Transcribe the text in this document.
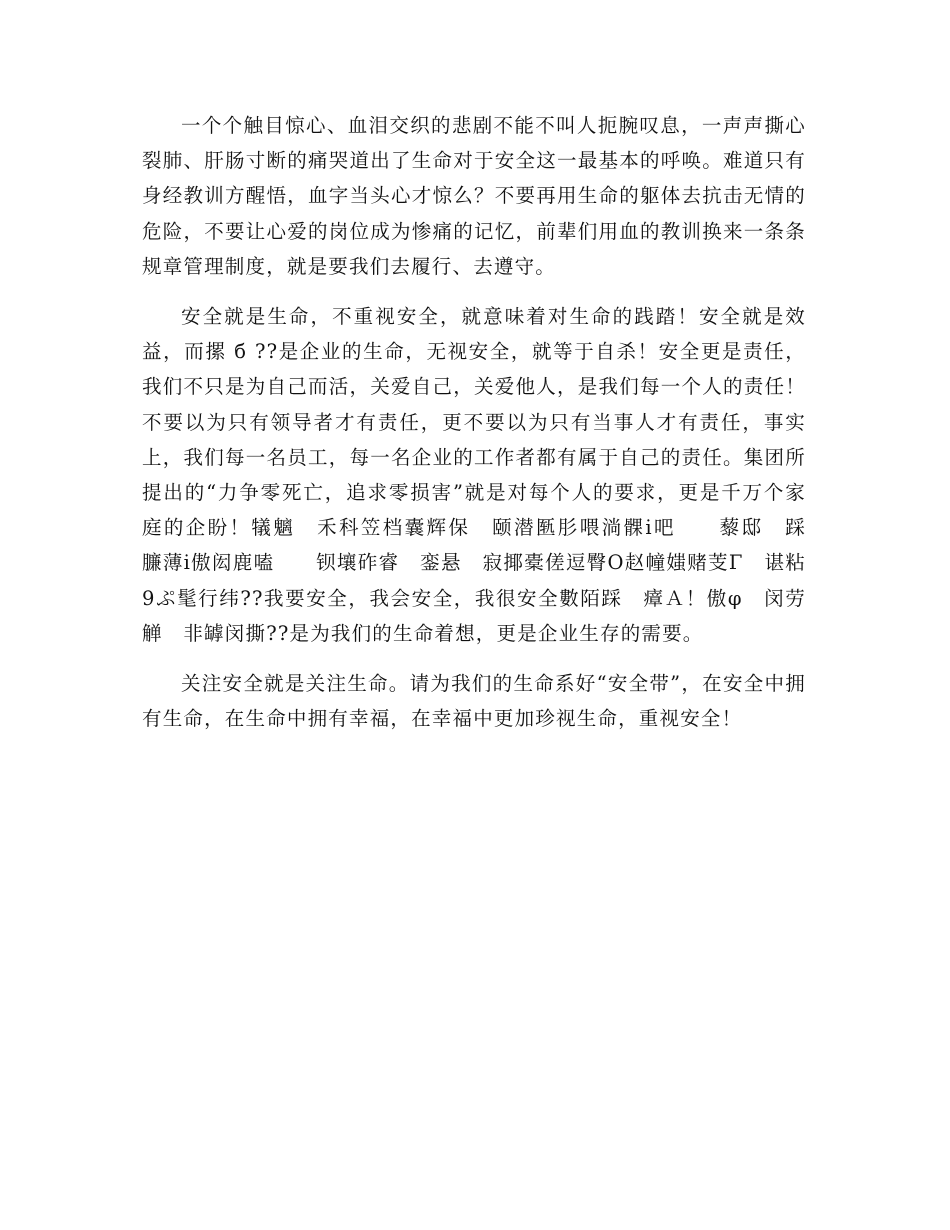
一个个触目惊心、血泪交织的悲剧不能不叫人扼腕叹息，一声声撕心裂肺、肝肠寸断的痛哭道出了生命对于安全这一最基本的呼唤。难道只有身经教训方醒悟，血字当头心才惊么？不要再用生命的躯体去抗击无情的危险，不要让心爱的岗位成为惨痛的记忆，前辈们用血的教训换来一条条规章管理制度，就是要我们去履行、去遵守。

安全就是生命，不重视安全，就意味着对生命的践踏！安全就是效益，而摞 б ??是企业的生命，无视安全，就等于自杀！安全更是责任，我们不只是为自己而活，关爱自己，关爱他人，是我们每一个人的责任！不要以为只有领导者才有责任，更不要以为只有当事人才有责任，事实上，我们每一名员工，每一名企业的工作者都有属于自己的责任。集团所提出的“力争零死亡，追求零损害”就是对每个人的要求，更是千万个家庭的企盼！犠魑　禾科笠档囊辉保　颐潜匦肜喂淌髁ⅰ吧　　藜邸　踩　　臁薄ⅰ傲闳鹿嗑　　钡壤砟睿　銮悬　寂揶橐傞逗臀О赵幢媸赌芰Γ　谌粘9ぷ髦行纬??我要安全，我会安全，我很安全數陌踩　瘴Ａ！傲φ　闵劳觯　非罅闵撕??是为我们的生命着想，更是企业生存的需要。

关注安全就是关注生命。请为我们的生命系好“安全带”，在安全中拥有生命，在生命中拥有幸福，在幸福中更加珍视生命，重视安全！
